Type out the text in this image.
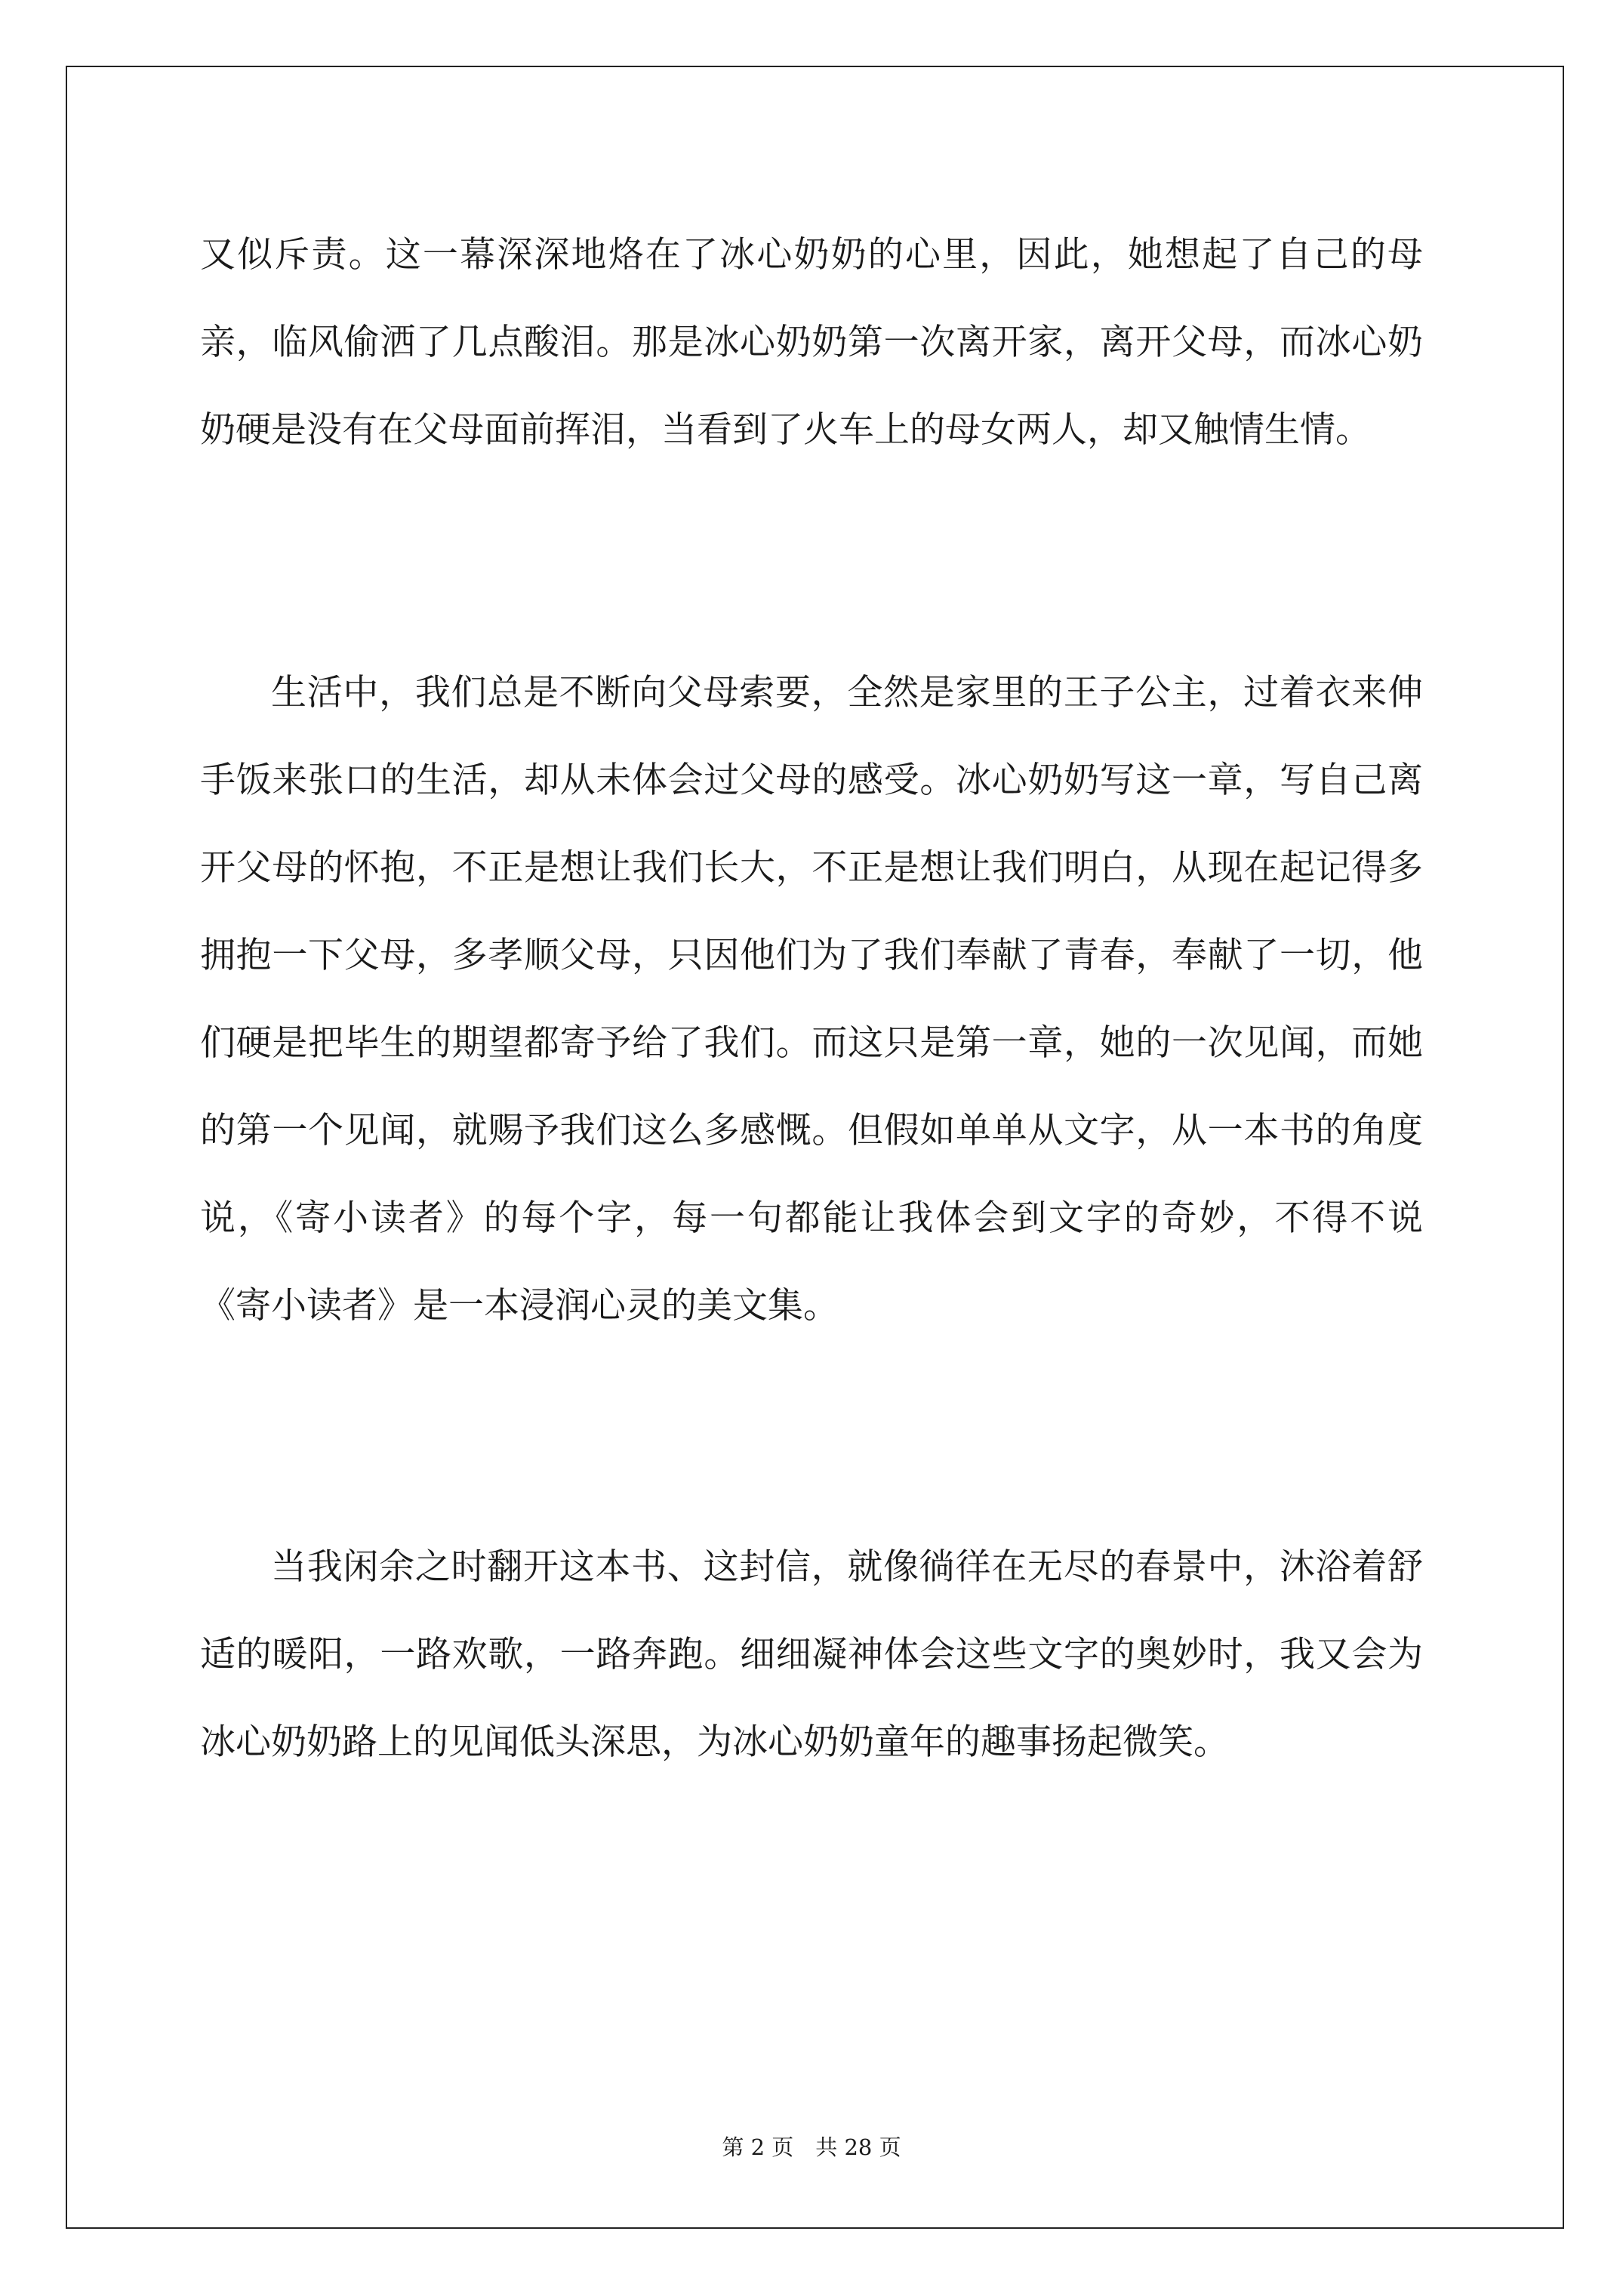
又似斥责。这一幕深深地烙在了冰心奶奶的心里，因此，她想起了自己的母亲，临风偷洒了几点酸泪。那是冰心奶奶第一次离开家，离开父母，而冰心奶奶硬是没有在父母面前挥泪，当看到了火车上的母女两人，却又触情生情。
生活中，我们总是不断向父母索要，全然是家里的王子公主，过着衣来伸手饭来张口的生活，却从未体会过父母的感受。冰心奶奶写这一章，写自己离开父母的怀抱，不正是想让我们长大，不正是想让我们明白，从现在起记得多拥抱一下父母，多孝顺父母，只因他们为了我们奉献了青春，奉献了一切，他们硬是把毕生的期望都寄予给了我们。而这只是第一章，她的一次见闻，而她的第一个见闻，就赐予我们这么多感慨。但假如单单从文字，从一本书的角度说，《寄小读者》的每个字，每一句都能让我体会到文字的奇妙，不得不说《寄小读者》是一本浸润心灵的美文集。
当我闲余之时翻开这本书、这封信，就像徜徉在无尽的春景中，沐浴着舒适的暖阳，一路欢歌，一路奔跑。细细凝神体会这些文字的奥妙时，我又会为冰心奶奶路上的见闻低头深思，为冰心奶奶童年的趣事扬起微笑。
第 2 页　共 28 页
